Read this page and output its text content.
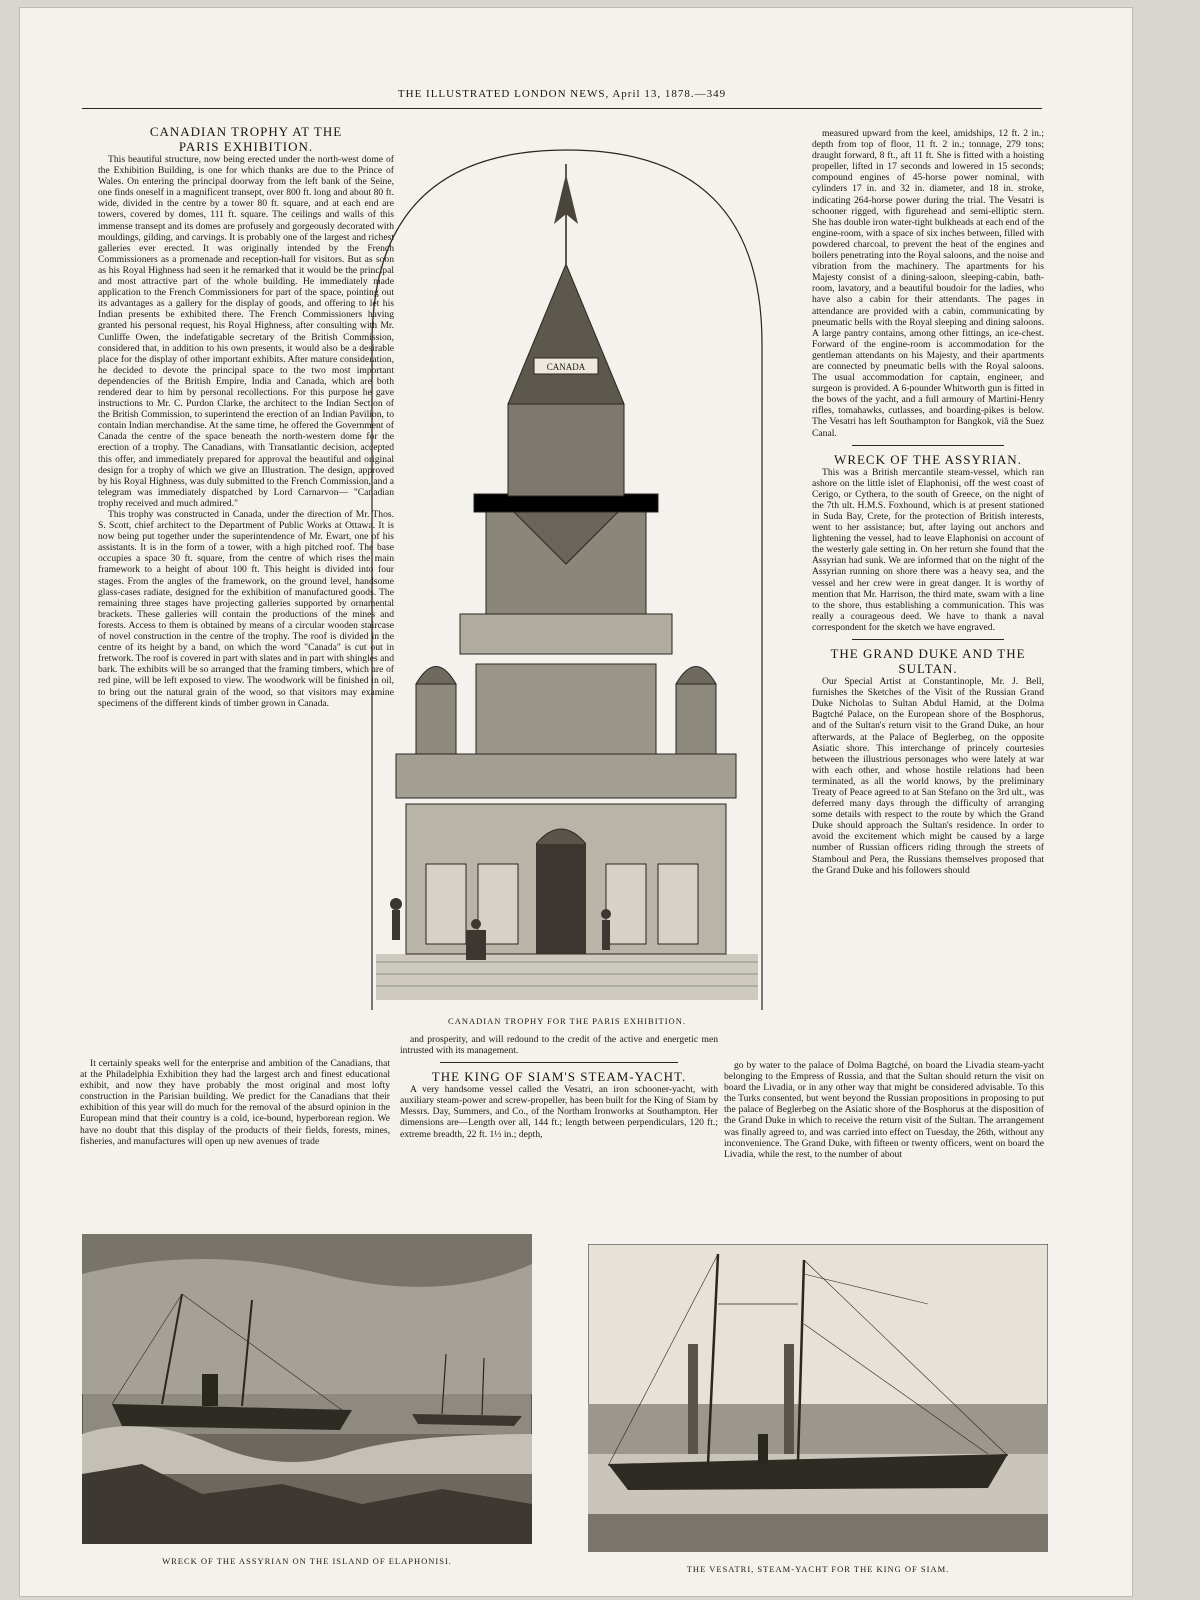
THE ILLUSTRATED LONDON NEWS, April 13, 1878.—349

CANADIAN TROPHY AT THE

PARIS EXHIBITION.

This beautiful structure, now being erected under the north-west dome of the Exhibition Building, is one for which thanks are due to the Prince of Wales. On entering the principal doorway from the left bank of the Seine, one finds oneself in a magnificent transept, over 800 ft. long and about 80 ft. wide, divided in the centre by a tower 80 ft. square, and at each end are towers, covered by domes, 111 ft. square. The ceilings and walls of this immense transept and its domes are profusely and gorgeously decorated with mouldings, gilding, and carvings. It is probably one of the largest and richest galleries ever erected. It was originally intended by the French Commissioners as a promenade and reception-hall for visitors. But as soon as his Royal Highness had seen it he remarked that it would be the principal and most attractive part of the whole building. He immediately made application to the French Commissioners for part of the space, pointing out its advantages as a gallery for the display of goods, and offering to let his Indian presents be exhibited there. The French Commissioners having granted his personal request, his Royal Highness, after consulting with Mr. Cunliffe Owen, the indefatigable secretary of the British Commission, considered that, in addition to his own presents, it would also be a desirable place for the display of other important exhibits. After mature consideration, he decided to devote the principal space to the two most important dependencies of the British Empire, India and Canada, which are both rendered dear to him by personal recollections. For this purpose he gave instructions to Mr. C. Purdon Clarke, the architect to the Indian Section of the British Commission, to superintend the erection of an Indian Pavilion, to contain Indian merchandise. At the same time, he offered the Government of Canada the centre of the space beneath the north-western dome for the erection of a trophy. The Canadians, with Transatlantic decision, accepted this offer, and immediately prepared for approval the beautiful and original design for a trophy of which we give an Illustration. The design, approved by his Royal Highness, was duly submitted to the French Commission, and a telegram was immediately dispatched by Lord Carnarvon— "Canadian trophy received and much admired."

This trophy was constructed in Canada, under the direction of Mr. Thos. S. Scott, chief architect to the Department of Public Works at Ottawa. It is now being put together under the superintendence of Mr. Ewart, one of his assistants. It is in the form of a tower, with a high pitched roof. The base occupies a space 30 ft. square, from the centre of which rises the main framework to a height of about 100 ft. This height is divided into four stages. From the angles of the framework, on the ground level, handsome glass-cases radiate, designed for the exhibition of manufactured goods. The remaining three stages have projecting galleries supported by ornamental brackets. These galleries will contain the productions of the mines and forests. Access to them is obtained by means of a circular wooden staircase of novel construction in the centre of the trophy. The roof is divided in the centre of its height by a band, on which the word "Canada" is cut out in fretwork. The roof is covered in part with slates and in part with shingles and bark. The exhibits will be so arranged that the framing timbers, which are of red pine, will be left exposed to view. The woodwork will be finished in oil, to bring out the natural grain of the wood, so that visitors may examine specimens of the different kinds of timber grown in Canada.

It certainly speaks well for the enterprise and ambition of the Canadians, that at the Philadelphia Exhibition they had the largest arch and finest educational exhibit, and now they have probably the most original and most lofty construction in the Parisian building. We predict for the Canadians that their exhibition of this year will do much for the removal of the absurd opinion in the European mind that their country is a cold, ice-bound, hyperborean region. We have no doubt that this display of the products of their fields, forests, mines, fisheries, and manufactures will open up new avenues of trade

CANADA
CANADIAN TROPHY FOR THE PARIS EXHIBITION.

and prosperity, and will redound to the credit of the active and energetic men intrusted with its management.

THE KING OF SIAM'S STEAM-YACHT.

A very handsome vessel called the Vesatri, an iron schooner-yacht, with auxiliary steam-power and screw-propeller, has been built for the King of Siam by Messrs. Day, Summers, and Co., of the Northam Ironworks at Southampton. Her dimensions are—Length over all, 144 ft.; length between perpendiculars, 120 ft.; extreme breadth, 22 ft. 1½ in.; depth,

measured upward from the keel, amidships, 12 ft. 2 in.; depth from top of floor, 11 ft. 2 in.; tonnage, 279 tons; draught forward, 8 ft., aft 11 ft. She is fitted with a hoisting propeller, lifted in 17 seconds and lowered in 15 seconds; compound engines of 45-horse power nominal, with cylinders 17 in. and 32 in. diameter, and 18 in. stroke, indicating 264-horse power during the trial. The Vesatri is schooner rigged, with figurehead and semi-elliptic stern. She has double iron water-tight bulkheads at each end of the engine-room, with a space of six inches between, filled with powdered charcoal, to prevent the heat of the engines and boilers penetrating into the Royal saloons, and the noise and vibration from the machinery. The apartments for his Majesty consist of a dining-saloon, sleeping-cabin, bath-room, lavatory, and a beautiful boudoir for the ladies, who have also a cabin for their attendants. The pages in attendance are provided with a cabin, communicating by pneumatic bells with the Royal sleeping and dining saloons. A large pantry contains, among other fittings, an ice-chest. Forward of the engine-room is accommodation for the gentleman attendants on his Majesty, and their apartments are connected by pneumatic bells with the Royal saloons. The usual accommodation for captain, engineer, and surgeon is provided. A 6-pounder Whitworth gun is fitted in the bows of the yacht, and a full armoury of Martini-Henry rifles, tomahawks, cutlasses, and boarding-pikes is below. The Vesatri has left Southampton for Bangkok, viâ the Suez Canal.

WRECK OF THE ASSYRIAN.

This was a British mercantile steam-vessel, which ran ashore on the little islet of Elaphonisi, off the west coast of Cerigo, or Cythera, to the south of Greece, on the night of the 7th ult. H.M.S. Foxhound, which is at present stationed in Suda Bay, Crete, for the protection of British interests, went to her assistance; but, after laying out anchors and lightening the vessel, had to leave Elaphonisi on account of the westerly gale setting in. On her return she found that the Assyrian had sunk. We are informed that on the night of the Assyrian running on shore there was a heavy sea, and the vessel and her crew were in great danger. It is worthy of mention that Mr. Harrison, the third mate, swam with a line to the shore, thus establishing a communication. This was really a courageous deed. We have to thank a naval correspondent for the sketch we have engraved.

THE GRAND DUKE AND THE

SULTAN.

Our Special Artist at Constantinople, Mr. J. Bell, furnishes the Sketches of the Visit of the Russian Grand Duke Nicholas to Sultan Abdul Hamid, at the Dolma Bagtché Palace, on the European shore of the Bosphorus, and of the Sultan's return visit to the Grand Duke, an hour afterwards, at the Palace of Beglerbeg, on the opposite Asiatic shore. This interchange of princely courtesies between the illustrious personages who were lately at war with each other, and whose hostile relations had been terminated, as all the world knows, by the preliminary Treaty of Peace agreed to at San Stefano on the 3rd ult., was deferred many days through the difficulty of arranging some details with respect to the route by which the Grand Duke should approach the Sultan's residence. In order to avoid the excitement which might be caused by a large number of Russian officers riding through the streets of Stamboul and Pera, the Russians themselves proposed that the Grand Duke and his followers should

go by water to the palace of Dolma Bagtché, on board the Livadia steam-yacht belonging to the Empress of Russia, and that the Sultan should return the visit on board the Livadia, or in any other way that might be considered advisable. To this the Turks consented, but went beyond the Russian propositions in proposing to put the palace of Beglerbeg on the Asiatic shore of the Bosphorus at the disposition of the Grand Duke in which to receive the return visit of the Sultan. The arrangement was finally agreed to, and was carried into effect on Tuesday, the 26th, without any inconvenience. The Grand Duke, with fifteen or twenty officers, went on board the Livadia, while the rest, to the number of about

WRECK OF THE ASSYRIAN ON THE ISLAND OF ELAPHONISI.
THE VESATRI, STEAM-YACHT FOR THE KING OF SIAM.
